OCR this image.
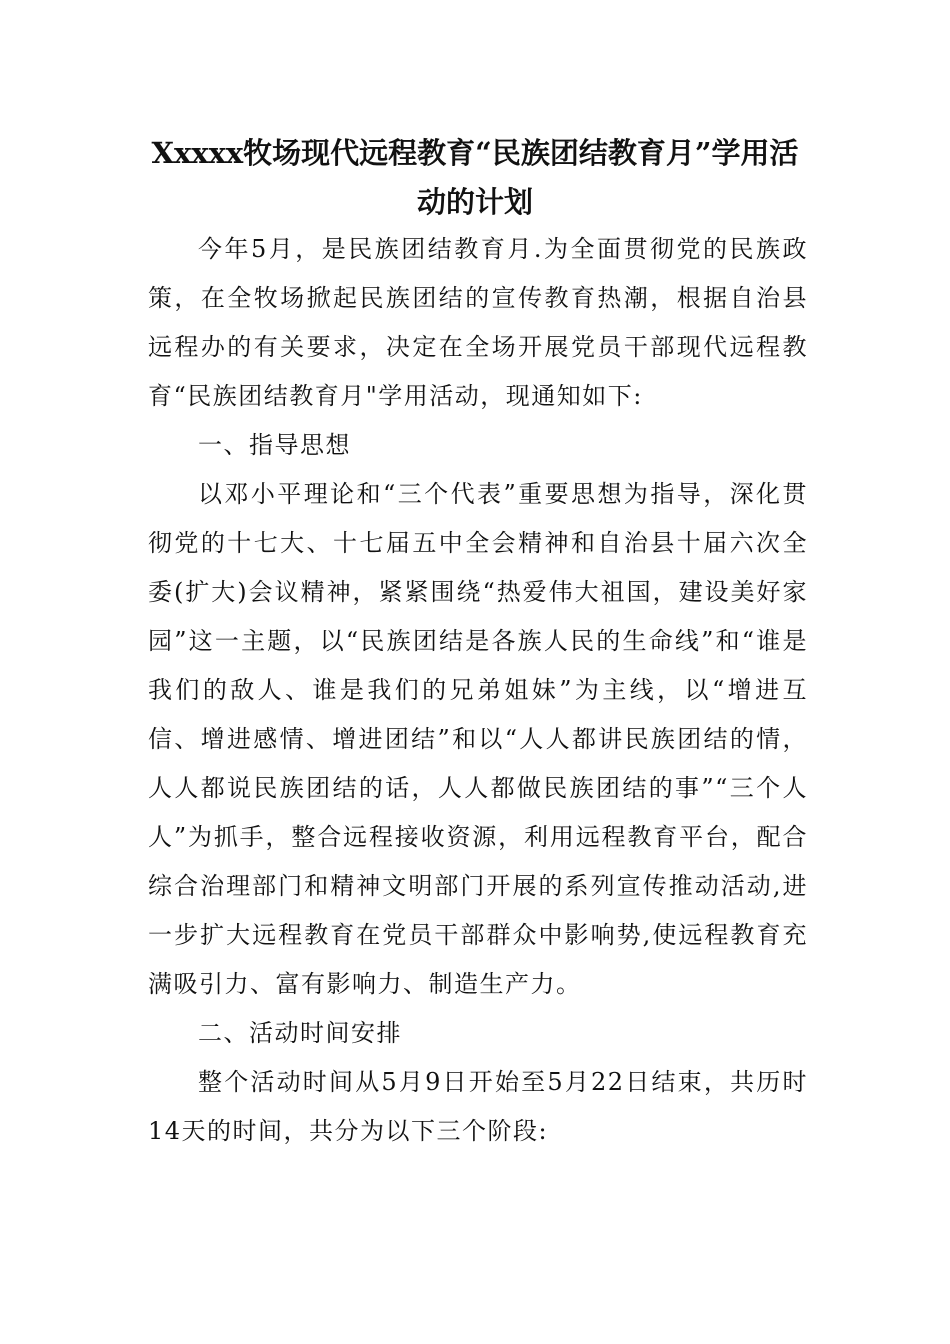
Xxxxx牧场现代远程教育“民族团结教育月”学用活
动的计划

今年5月，是民族团结教育月.为全面贯彻党的民族政策，在全牧场掀起民族团结的宣传教育热潮，根据自治县远程办的有关要求，决定在全场开展党员干部现代远程教育“民族团结教育月"学用活动，现通知如下:

一、指导思想

以邓小平理论和“三个代表”重要思想为指导，深化贯彻党的十七大、十七届五中全会精神和自治县十届六次全委(扩大)会议精神，紧紧围绕“热爱伟大祖国，建设美好家园”这一主题，以“民族团结是各族人民的生命线”和“谁是我们的敌人、谁是我们的兄弟姐妹”为主线，以“增进互信、增进感情、增进团结”和以“人人都讲民族团结的情，人人都说民族团结的话，人人都做民族团结的事”“三个人人”为抓手，整合远程接收资源，利用远程教育平台，配合综合治理部门和精神文明部门开展的系列宣传推动活动,进一步扩大远程教育在党员干部群众中影响势,使远程教育充满吸引力、富有影响力、制造生产力。

二、活动时间安排

整个活动时间从5月9日开始至5月22日结束，共历时14天的时间，共分为以下三个阶段:
